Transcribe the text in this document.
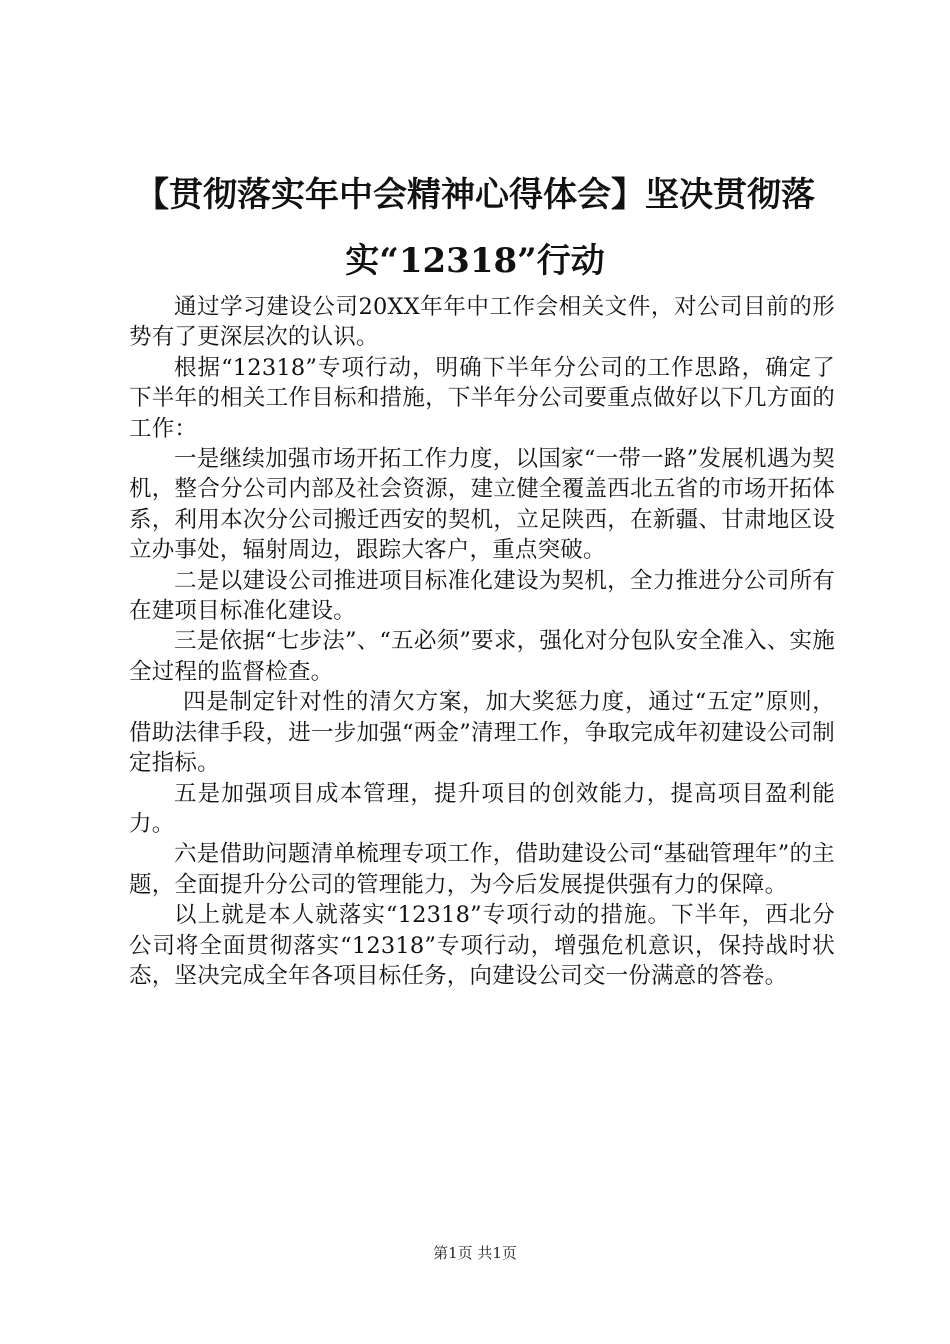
【贯彻落实年中会精神心得体会】坚决贯彻落
实“12318”行动

通过学习建设公司20XX年年中工作会相关文件，对公司目前的形势有了更深层次的认识。

根据“12318”专项行动，明确下半年分公司的工作思路，确定了下半年的相关工作目标和措施，下半年分公司要重点做好以下几方面的工作：

一是继续加强市场开拓工作力度，以国家“一带一路”发展机遇为契机，整合分公司内部及社会资源，建立健全覆盖西北五省的市场开拓体系，利用本次分公司搬迁西安的契机，立足陕西，在新疆、甘肃地区设立办事处，辐射周边，跟踪大客户，重点突破。

二是以建设公司推进项目标准化建设为契机，全力推进分公司所有在建项目标准化建设。

三是依据“七步法”、“五必须”要求，强化对分包队安全准入、实施全过程的监督检查。

四是制定针对性的清欠方案，加大奖惩力度，通过“五定”原则，借助法律手段，进一步加强“两金”清理工作，争取完成年初建设公司制定指标。

五是加强项目成本管理，提升项目的创效能力，提高项目盈利能力。

六是借助问题清单梳理专项工作，借助建设公司“基础管理年”的主题，全面提升分公司的管理能力，为今后发展提供强有力的保障。

以上就是本人就落实“12318”专项行动的措施。下半年，西北分公司将全面贯彻落实“12318”专项行动，增强危机意识，保持战时状态，坚决完成全年各项目标任务，向建设公司交一份满意的答卷。

第1页 共1页
